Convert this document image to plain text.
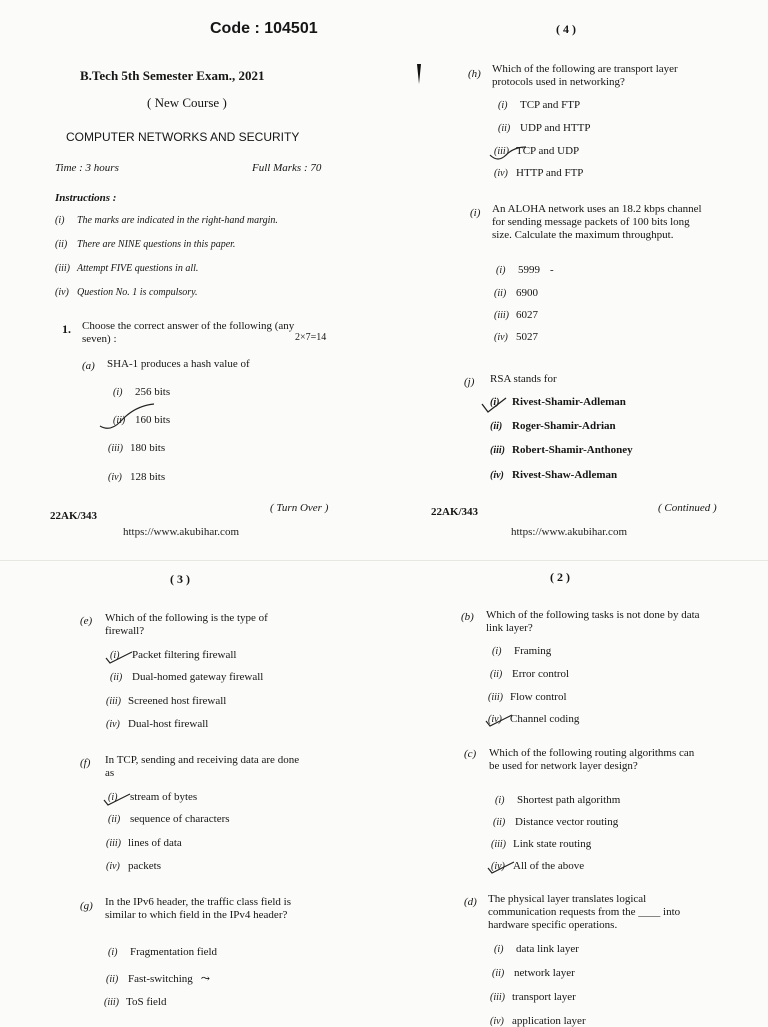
Code : 104501
B.Tech 5th Semester Exam., 2021
( New Course )
COMPUTER NETWORKS AND SECURITY
Time : 3 hours	Full Marks : 70
Instructions :
(i) The marks are indicated in the right-hand margin.
(ii) There are NINE questions in this paper.
(iii) Attempt FIVE questions in all.
(iv) Question No. 1 is compulsory.
1. Choose the correct answer of the following (any seven) :	2×7=14
(a) SHA-1 produces a hash value of
(i) 256 bits
(ii) 160 bits
(iii) 180 bits
(iv) 128 bits
22AK/343
( Turn Over )
https://www.akubihar.com
( 4 )
(h) Which of the following are transport layer protocols used in networking?
(i) TCP and FTP
(ii) UDP and HTTP
(iii) TCP and UDP
(iv) HTTP and FTP
(i) An ALOHA network uses an 18.2 kbps channel for sending message packets of 100 bits long size. Calculate the maximum throughput.
(i) 5999 -
(ii) 6900
(iii) 6027
(iv) 5027
(j) RSA stands for
(i) Rivest-Shamir-Adleman
(ii) Roger-Shamir-Adrian
(iii) Robert-Shamir-Anthoney
(iv) Rivest-Shaw-Adleman
22AK/343	( Continued )
https://www.akubihar.com
( 3 )
(e) Which of the following is the type of firewall?
(i) Packet filtering firewall
(ii) Dual-homed gateway firewall
(iii) Screened host firewall
(iv) Dual-host firewall
(f) In TCP, sending and receiving data are done as
(i) stream of bytes
(ii) sequence of characters
(iii) lines of data
(iv) packets
(g) In the IPv6 header, the traffic class field is similar to which field in the IPv4 header?
(i) Fragmentation field
(ii) Fast-switching ⤳
(iii) ToS field
( 2 )
(b) Which of the following tasks is not done by data link layer?
(i) Framing
(ii) Error control
(iii) Flow control
(iv) Channel coding
(c) Which of the following routing algorithms can be used for network layer design?
(i) Shortest path algorithm
(ii) Distance vector routing
(iii) Link state routing
(iv) All of the above
(d) The physical layer translates logical communication requests from the ____ into hardware specific operations.
(i) data link layer
(ii) network layer
(iii) transport layer
(iv) application layer
